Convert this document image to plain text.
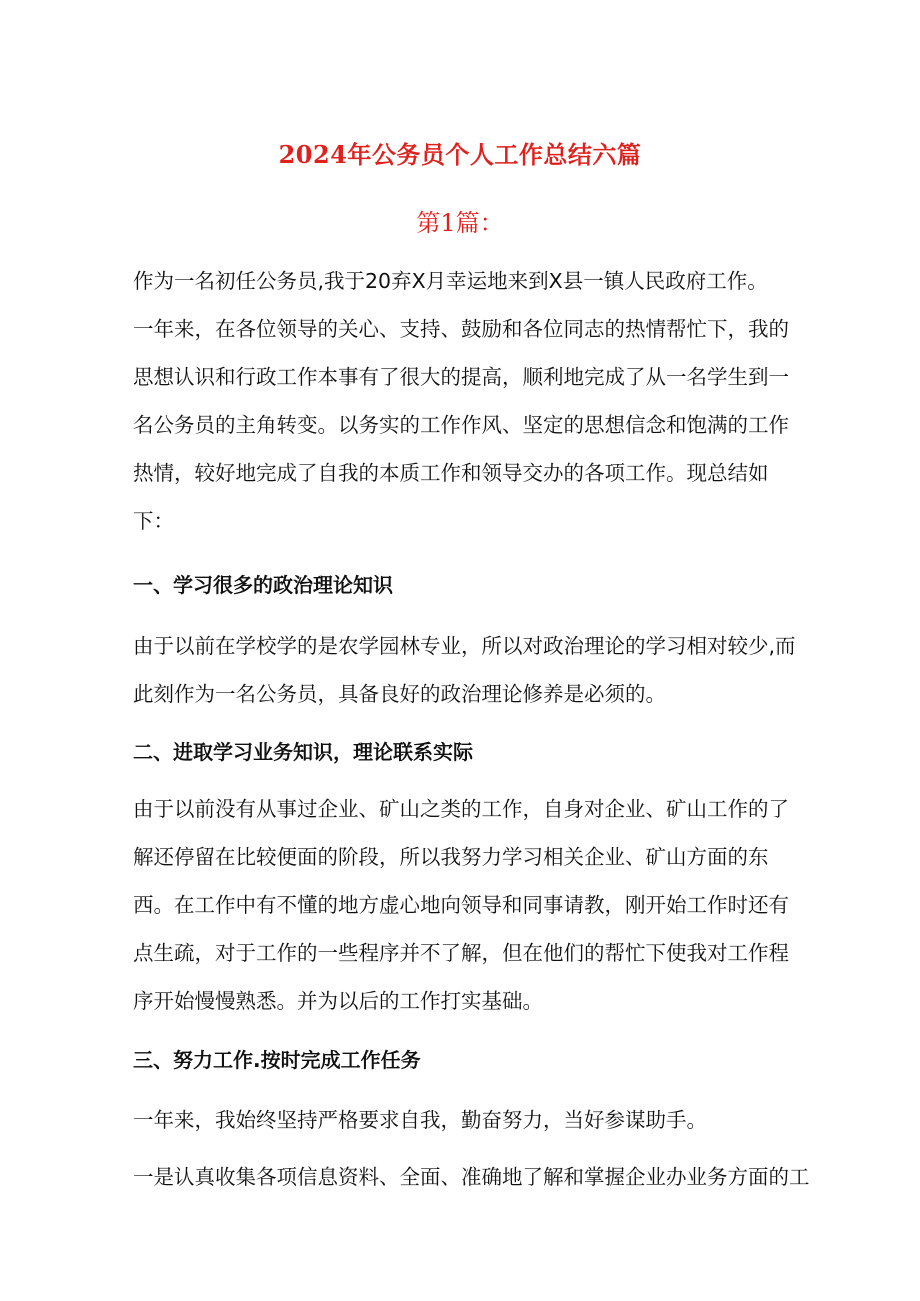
2024年公务员个人工作总结六篇
第1篇：
作为一名初任公务员,我于20弃X月幸运地来到X县一镇人民政府工作。
一年来，在各位领导的关心、支持、鼓励和各位同志的热情帮忙下，我的
思想认识和行政工作本事有了很大的提高，顺利地完成了从一名学生到一
名公务员的主角转变。以务实的工作作风、坚定的思想信念和饱满的工作
热情，较好地完成了自我的本质工作和领导交办的各项工作。现总结如
下：
一、学习很多的政治理论知识
由于以前在学校学的是农学园林专业，所以对政治理论的学习相对较少,而
此刻作为一名公务员，具备良好的政治理论修养是必须的。
二、进取学习业务知识，理论联系实际
由于以前没有从事过企业、矿山之类的工作，自身对企业、矿山工作的了
解还停留在比较便面的阶段，所以我努力学习相关企业、矿山方面的东
西。在工作中有不懂的地方虚心地向领导和同事请教，刚开始工作时还有
点生疏，对于工作的一些程序并不了解，但在他们的帮忙下使我对工作程
序开始慢慢熟悉。并为以后的工作打实基础。
三、努力工作.按时完成工作任务
一年来，我始终坚持严格要求自我，勤奋努力，当好参谋助手。
一是认真收集各项信息资料、全面、准确地了解和掌握企业办业务方面的工
